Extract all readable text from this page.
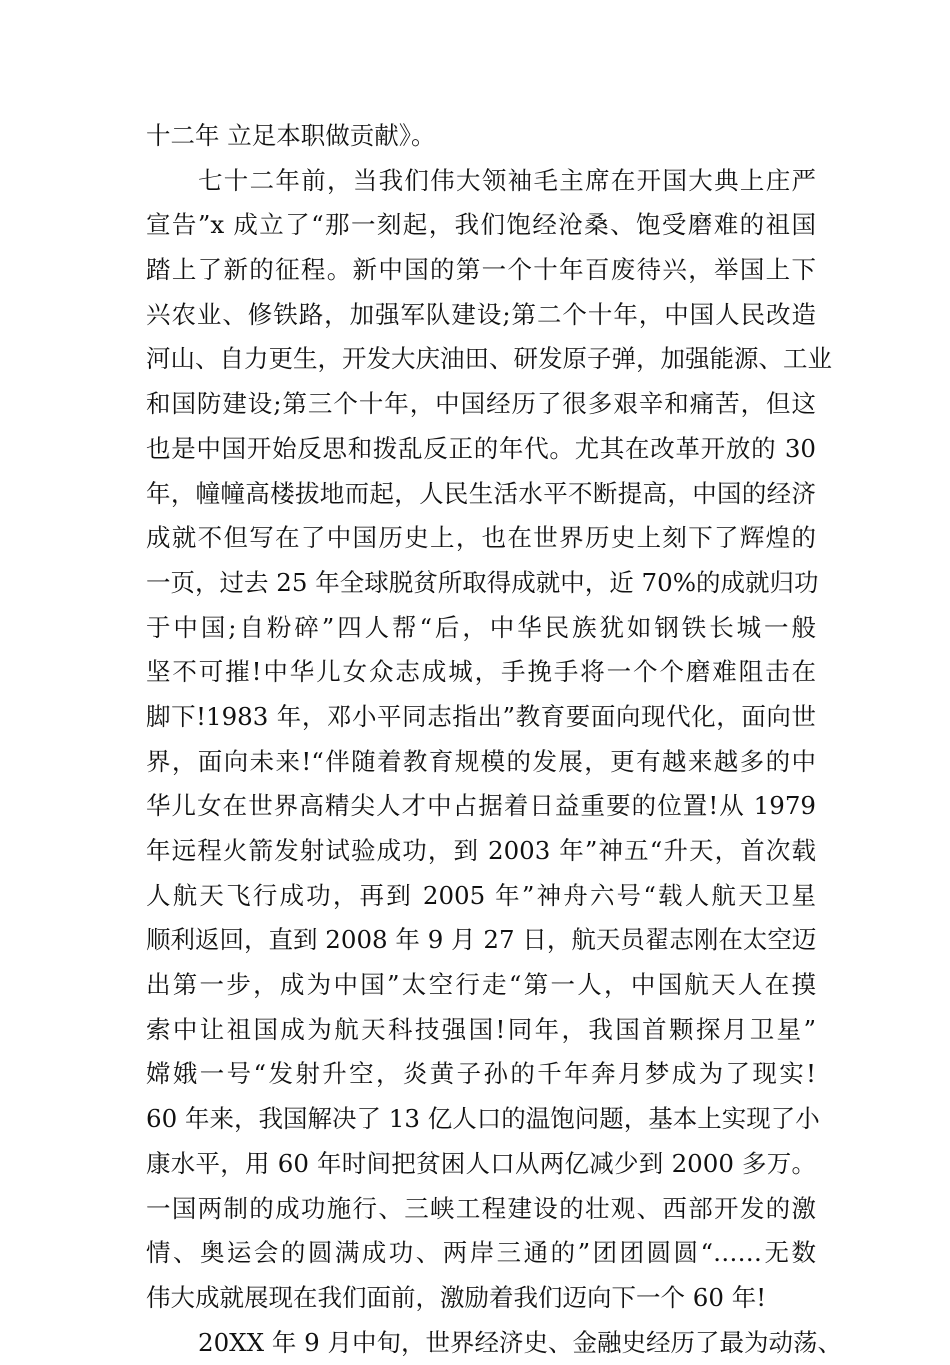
十二年 立足本职做贡献》。
七十二年前，当我们伟大领袖毛主席在开国大典上庄严
宣告”x 成立了“那一刻起，我们饱经沧桑、饱受磨难的祖国
踏上了新的征程。新中国的第一个十年百废待兴，举国上下
兴农业、修铁路，加强军队建设;第二个十年，中国人民改造
河山、自力更生，开发大庆油田、研发原子弹，加强能源、工业
和国防建设;第三个十年，中国经历了很多艰辛和痛苦，但这
也是中国开始反思和拨乱反正的年代。尤其在改革开放的 30
年，幢幢高楼拔地而起，人民生活水平不断提高，中国的经济
成就不但写在了中国历史上，也在世界历史上刻下了辉煌的
一页，过去 25 年全球脱贫所取得成就中，近 70%的成就归功
于中国;自粉碎”四人帮“后，中华民族犹如钢铁长城一般
坚不可摧!中华儿女众志成城，手挽手将一个个磨难阻击在
脚下!1983 年，邓小平同志指出”教育要面向现代化，面向世
界，面向未来!“伴随着教育规模的发展，更有越来越多的中
华儿女在世界高精尖人才中占据着日益重要的位置!从 1979
年远程火箭发射试验成功，到 2003 年”神五“升天，首次载
人航天飞行成功，再到 2005 年”神舟六号“载人航天卫星
顺利返回，直到 2008 年 9 月 27 日，航天员翟志刚在太空迈
出第一步，成为中国”太空行走“第一人，中国航天人在摸
索中让祖国成为航天科技强国!同年，我国首颗探月卫星”
嫦娥一号“发射升空，炎黄子孙的千年奔月梦成为了现实!
60 年来，我国解决了 13 亿人口的温饱问题，基本上实现了小
康水平，用 60 年时间把贫困人口从两亿减少到 2000 多万。
一国两制的成功施行、三峡工程建设的壮观、西部开发的激
情、奥运会的圆满成功、两岸三通的”团团圆圆“……无数
伟大成就展现在我们面前，激励着我们迈向下一个 60 年!
20XX 年 9 月中旬，世界经济史、金融史经历了最为动荡、
